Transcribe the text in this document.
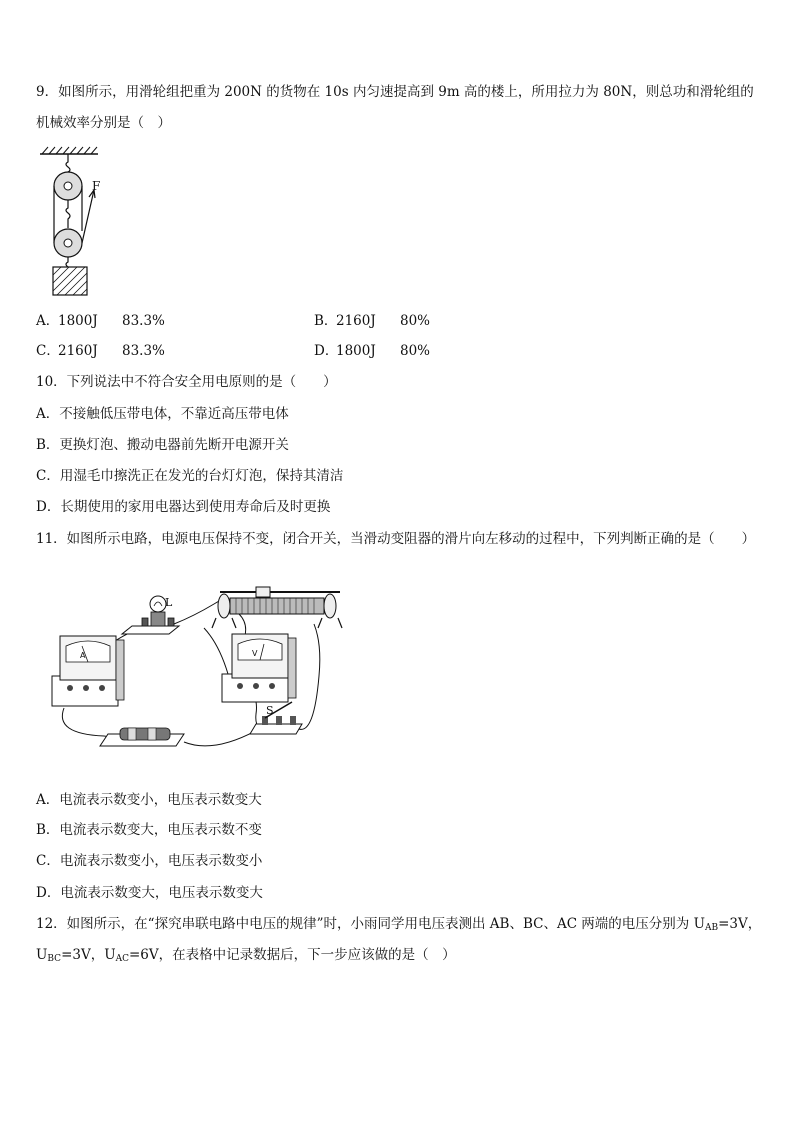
9．如图所示，用滑轮组把重为 200N 的货物在 10s 内匀速提高到 9m 高的楼上，所用拉力为 80N，则总功和滑轮组的
机械效率分别是（　）
F
A．1800J 83.3%	B．2160J 80%
C．2160J 83.3%	D．1800J 80%
10．下列说法中不符合安全用电原则的是（　　）
A．不接触低压带电体，不靠近高压带电体
B．更换灯泡、搬动电器前先断开电源开关
C．用湿毛巾擦洗正在发光的台灯灯泡，保持其清洁
D．长期使用的家用电器达到使用寿命后及时更换
11．如图所示电路，电源电压保持不变，闭合开关，当滑动变阻器的滑片向左移动的过程中，下列判断正确的是（　　）
L
A	V
S
A．电流表示数变小，电压表示数变大
B．电流表示数变大，电压表示数不变
C．电流表示数变小，电压表示数变小
D．电流表示数变大，电压表示数变大
12．如图所示，在“探究串联电路中电压的规律”时，小雨同学用电压表测出 AB、BC、AC 两端的电压分别为 $U_{AB}=3V$，
$U_{BC}=3V$，$U_{AC}=6V$，在表格中记录数据后，下一步应该做的是（　）
